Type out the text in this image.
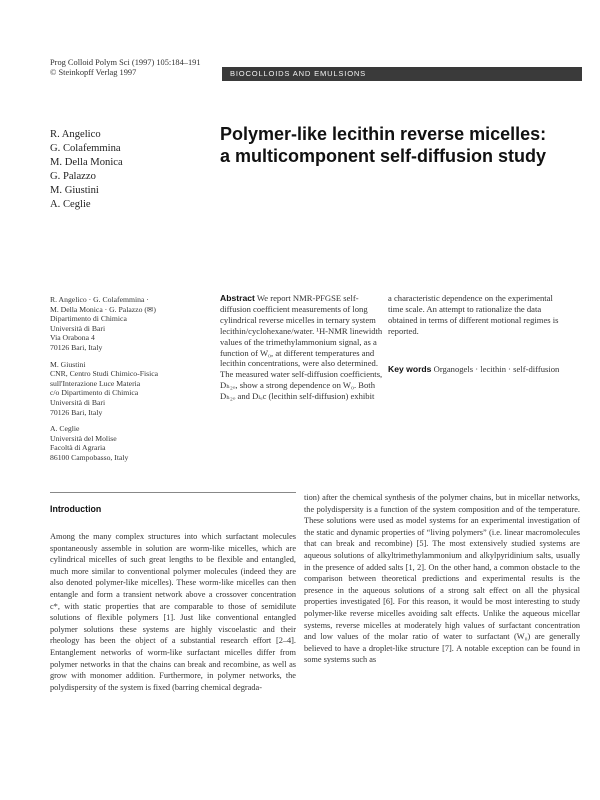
Prog Colloid Polym Sci (1997) 105:184–191
© Steinkopff Verlag 1997	BIOCOLLOIDS AND EMULSIONS
R. Angelico
G. Colafemmina
M. Della Monica
G. Palazzo
M. Giustini
A. Ceglie
Polymer-like lecithin reverse micelles:
a multicomponent self-diffusion study
R. Angelico · G. Colafemmina ·
M. Della Monica · G. Palazzo (✉)
Dipartimento di Chimica
Università di Bari
Via Orabona 4
70126 Bari, Italy
M. Giustini
CNR, Centro Studi Chimico-Fisica
sull'Interazione Luce Materia
c/o Dipartimento di Chimica
Università di Bari
70126 Bari, Italy
A. Ceglie
Università del Molise
Facoltà di Agraria
86100 Campobasso, Italy
Abstract We report NMR-PFGSE self-diffusion coefficient measurements of long cylindrical reverse micelles in ternary system lecithin/cyclohexane/water. ¹H-NMR linewidth values of the trimethylammonium signal, as a function of W₀, at different temperatures and lecithin concentrations, were also determined. The measured water self-diffusion coefficients, Dₕ₂ₒ, show a strong dependence on W₀. Both Dₕ₂ₒ and Dₗₑc (lecithin self-diffusion) exhibit
a characteristic dependence on the experimental time scale. An attempt to rationalize the data obtained in terms of different motional regimes is reported.
Key words Organogels · lecithin · self-diffusion
Introduction
Among the many complex structures into which surfactant molecules spontaneously assemble in solution are worm-like micelles, which are cylindrical micelles of such great lengths to be flexible and entangled, much more similar to conventional polymer molecules (indeed they are also denoted polymer-like micelles). These worm-like micelles can then entangle and form a transient network above a crossover concentration c*, with static properties that are comparable to those of semidilute solutions of flexible polymers [1]. Just like conventional entangled polymer solutions these systems are highly viscoelastic and their rheology has been the object of a substantial research effort [2–4]. Entanglement networks of worm-like surfactant micelles differ from polymer networks in that the chains can break and recombine, as well as grow with monomer addition. Furthermore, in polymer networks, the polydispersity of the system is fixed (barring chemical degrada-
tion) after the chemical synthesis of the polymer chains, but in micellar networks, the polydispersity is a function of the system composition and of the temperature. These solutions were used as model systems for an experimental investigation of the static and dynamic properties of “living polymers” (i.e. linear macromolecules that can break and recombine) [5]. The most extensively studied systems are aqueous solutions of alkyltrimethylammonium and alkylpyridinium salts, usually in the presence of added salts [1, 2]. On the other hand, a common obstacle to the comparison between theoretical predictions and experimental results is the presence in the aqueous solutions of a strong salt effect on all the physical properties investigated [6]. For this reason, it would be most interesting to study polymer-like reverse micelles avoiding salt effects. Unlike the aqueous micellar systems, reverse micelles at moderately high values of surfactant concentration and low values of the molar ratio of water to surfactant (W₀) are generally believed to have a droplet-like structure [7]. A notable exception can be found in some systems such as
